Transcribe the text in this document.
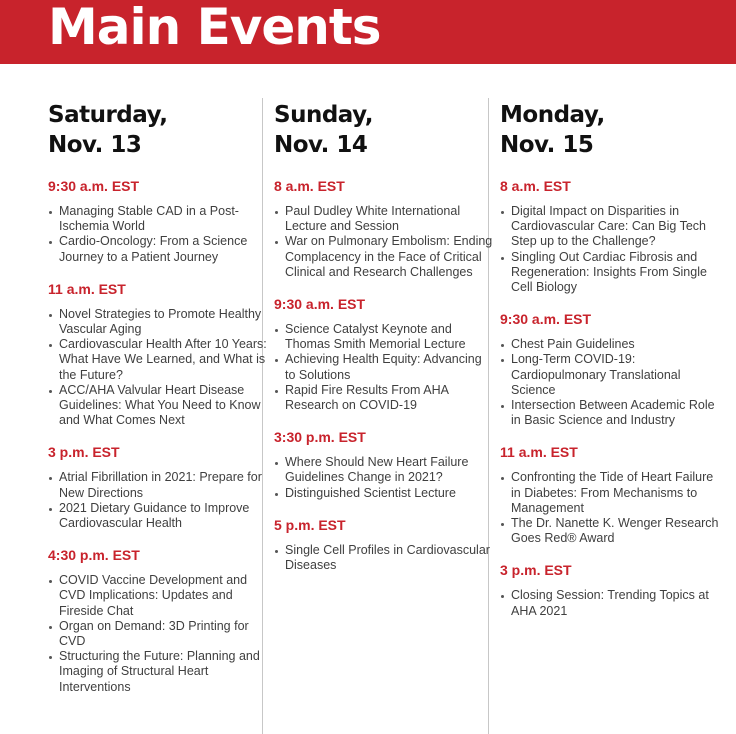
Main Events
Saturday,
Nov. 13
9:30 a.m. EST
Managing Stable CAD in a Post-Ischemia World
Cardio-Oncology: From a Science Journey to a Patient Journey
11 a.m. EST
Novel Strategies to Promote Healthy Vascular Aging
Cardiovascular Health After 10 Years: What Have We Learned, and What is the Future?
ACC/AHA Valvular Heart Disease Guidelines: What You Need to Know and What Comes Next
3 p.m. EST
Atrial Fibrillation in 2021: Prepare for New Directions
2021 Dietary Guidance to Improve Cardiovascular Health
4:30 p.m. EST
COVID Vaccine Development and CVD Implications: Updates and Fireside Chat
Organ on Demand: 3D Printing for CVD
Structuring the Future: Planning and Imaging of Structural Heart Interventions
Sunday,
Nov. 14
8 a.m. EST
Paul Dudley White International Lecture and Session
War on Pulmonary Embolism: Ending Complacency in the Face of Critical Clinical and Research Challenges
9:30 a.m. EST
Science Catalyst Keynote and Thomas Smith Memorial Lecture
Achieving Health Equity: Advancing to Solutions
Rapid Fire Results From AHA Research on COVID-19
3:30 p.m. EST
Where Should New Heart Failure Guidelines Change in 2021?
Distinguished Scientist Lecture
5 p.m. EST
Single Cell Profiles in Cardiovascular Diseases
Monday,
Nov. 15
8 a.m. EST
Digital Impact on Disparities in Cardiovascular Care: Can Big Tech Step up to the Challenge?
Singling Out Cardiac Fibrosis and Regeneration: Insights From Single Cell Biology
9:30 a.m. EST
Chest Pain Guidelines
Long-Term COVID-19: Cardiopulmonary Translational Science
Intersection Between Academic Role in Basic Science and Industry
11 a.m. EST
Confronting the Tide of Heart Failure in Diabetes: From Mechanisms to Management
The Dr. Nanette K. Wenger Research Goes Red® Award
3 p.m. EST
Closing Session: Trending Topics at AHA 2021
